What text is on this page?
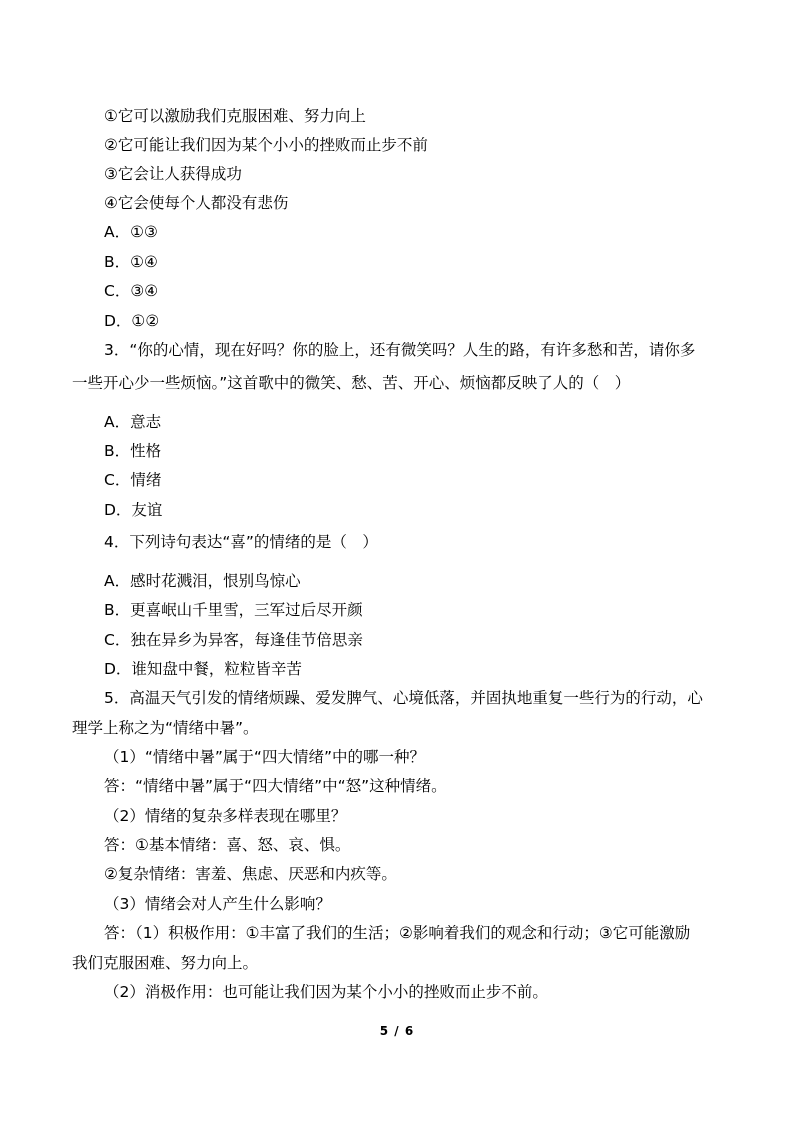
①它可以激励我们克服困难、努力向上
②它可能让我们因为某个小小的挫败而止步不前
③它会让人获得成功
④它会使每个人都没有悲伤
A．①③
B．①④
C．③④
D．①②
3．“你的心情，现在好吗？你的脸上，还有微笑吗？人生的路，有许多愁和苦，请你多
一些开心少一些烦恼。”这首歌中的微笑、愁、苦、开心、烦恼都反映了人的（　）
A．意志
B．性格
C．情绪
D．友谊
4．下列诗句表达“喜”的情绪的是（　）
A．感时花溅泪，恨别鸟惊心
B．更喜岷山千里雪，三军过后尽开颜
C．独在异乡为异客，每逢佳节倍思亲
D．谁知盘中餐，粒粒皆辛苦
5．高温天气引发的情绪烦躁、爱发脾气、心境低落，并固执地重复一些行为的行动，心
理学上称之为“情绪中暑”。
（1）“情绪中暑”属于“四大情绪”中的哪一种？
答：“情绪中暑”属于“四大情绪”中“怒”这种情绪。
（2）情绪的复杂多样表现在哪里？
答：①基本情绪：喜、怒、哀、惧。
②复杂情绪：害羞、焦虑、厌恶和内疚等。
（3）情绪会对人产生什么影响？
答：（1）积极作用：①丰富了我们的生活；②影响着我们的观念和行动；③它可能激励
我们克服困难、努力向上。
（2）消极作用：也可能让我们因为某个小小的挫败而止步不前。
5 / 6
